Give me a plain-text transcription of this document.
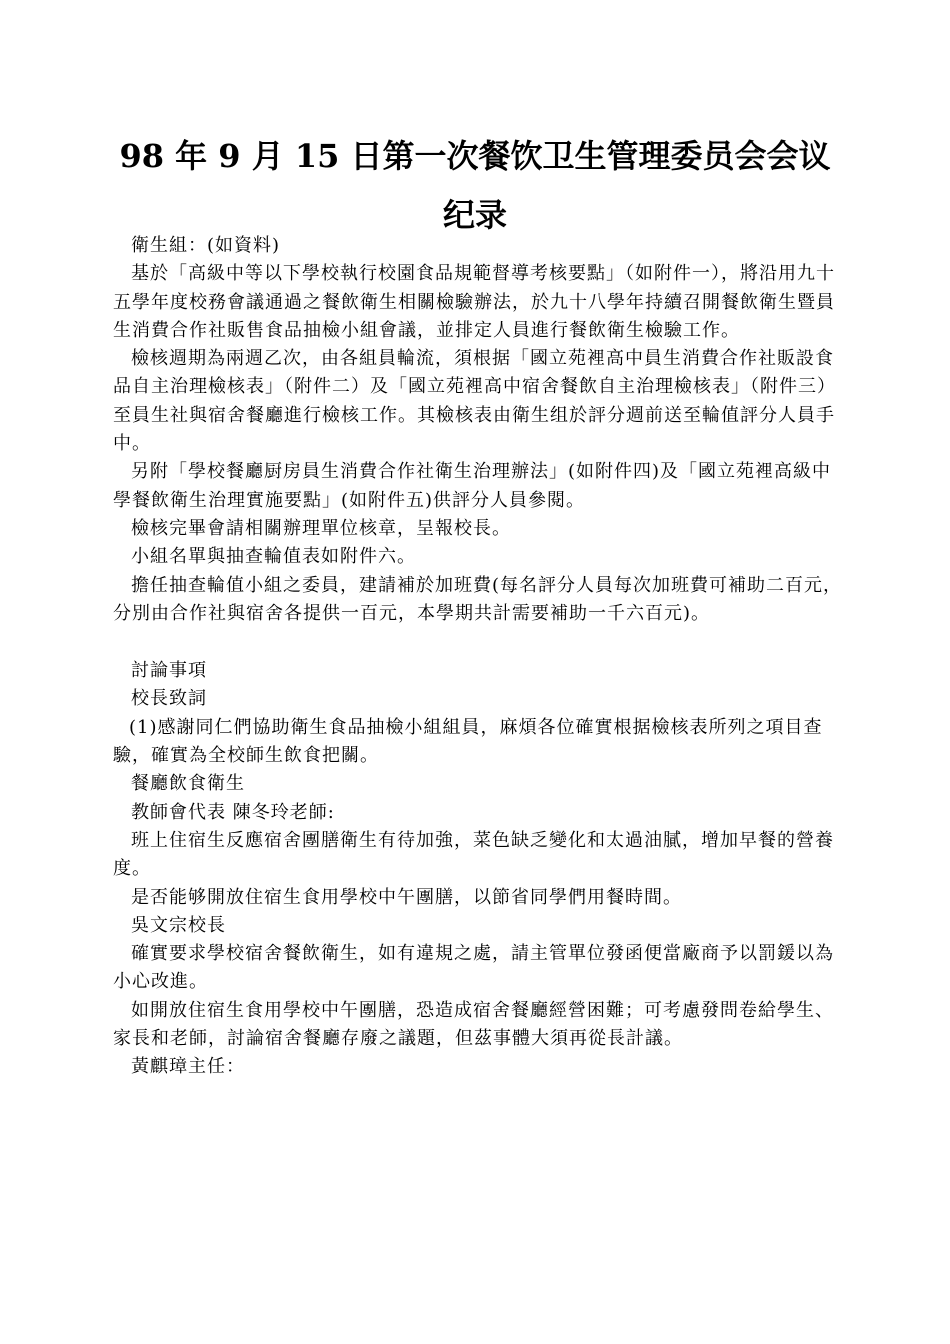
98 年 9 月 15 日第一次餐饮卫生管理委员会会议
纪录

衛生組：(如資料)

基於「高級中等以下學校執行校園食品規範督導考核要點」（如附件一），將沿用九十五學年度校務會議通過之餐飲衛生相關檢驗辦法，於九十八學年持續召開餐飲衛生暨員生消費合作社販售食品抽檢小組會議，並排定人員進行餐飲衛生檢驗工作。

檢核週期為兩週乙次，由各組員輪流，須根据「國立苑裡高中員生消費合作社販設食品自主治理檢核表」（附件二）及「國立苑裡高中宿舍餐飲自主治理檢核表」（附件三）至員生社與宿舍餐廳進行檢核工作。其檢核表由衛生组於評分週前送至輪值評分人員手中。

另附「學校餐廳厨房員生消費合作社衛生治理辦法」(如附件四)及「國立苑裡高級中學餐飲衛生治理實施要點」(如附件五)供評分人員參閱。

檢核完畢會請相關辦理單位核章，呈報校長。

小組名單與抽查輪值表如附件六。

擔任抽查輪值小組之委員，建請補於加班費(每名評分人員每次加班費可補助二百元，分別由合作社與宿舍各提供一百元，本學期共計需要補助一千六百元)。

討論事項

校長致詞

(1)感謝同仁們協助衛生食品抽檢小組組員，麻煩各位確實根据檢核表所列之項目查驗，確實為全校師生飲食把關。

餐廳飲食衛生

教師會代表 陳冬玲老師:

班上住宿生反應宿舍團膳衛生有待加強，菜色缺乏變化和太過油膩，增加早餐的營養度。

是否能够開放住宿生食用學校中午團膳，以節省同學們用餐時間。

吳文宗校長

確實要求學校宿舍餐飲衛生，如有違規之處，請主管單位發函便當廠商予以罰鍰以為小心改進。

如開放住宿生食用學校中午團膳，恐造成宿舍餐廳經營困難；可考慮發問卷給學生、家長和老師，討論宿舍餐廳存廢之議題，但茲事體大須再從長計議。

黃麒璋主任：
